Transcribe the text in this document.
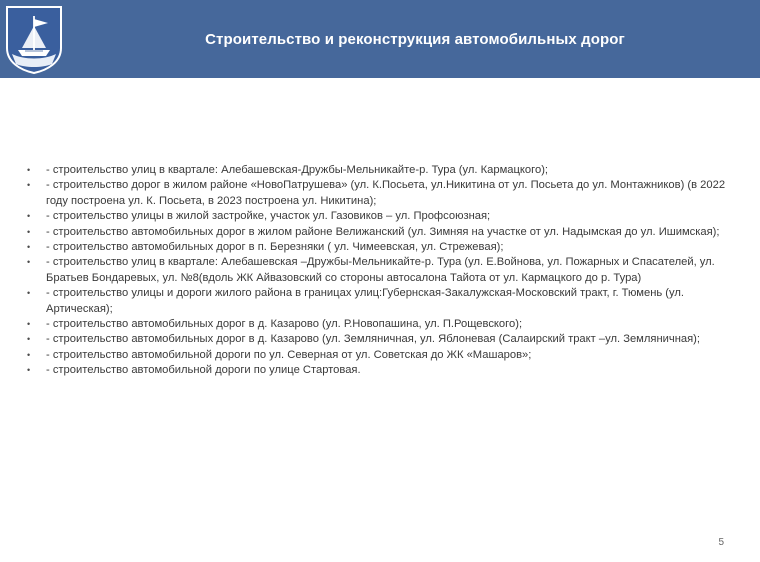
Строительство и реконструкция автомобильных дорог
• - строительство улиц в квартале: Алебашевская-Дружбы-Мельникайте-р. Тура (ул. Кармацкого);
• - строительство дорог в жилом районе «НовоПатрушева» (ул. К.Посьета, ул.Никитина от ул. Посьета до ул. Монтажников) (в 2022 году построена ул. К. Посьета, в 2023 построена ул. Никитина);
• - строительство улицы в жилой застройке, участок ул. Газовиков – ул. Профсоюзная;
• - строительство автомобильных дорог в жилом районе Велижанский (ул. Зимняя на участке от ул. Надымская до ул. Ишимская);
• - строительство автомобильных дорог в п. Березняки ( ул. Чимеевская, ул. Стрежевая);
• - строительство улиц в квартале: Алебашевская –Дружбы-Мельникайте-р. Тура (ул. Е.Войнова, ул. Пожарных и Спасателей, ул. Братьев Бондаревых, ул. №8(вдоль ЖК Айвазовский со стороны автосалона Тайота от ул. Кармацкого до р. Тура)
• - строительство улицы и дороги жилого района в границах улиц:Губернская-Закалужская-Московский тракт, г. Тюмень (ул. Артическая);
• - строительство автомобильных дорог в д. Казарово (ул. Р.Новопашина, ул. П.Рощевского);
• - строительство автомобильных дорог в д. Казарово (ул. Земляничная, ул. Яблоневая (Салаирский тракт –ул. Земляничная);
• - строительство автомобильной дороги по ул. Северная от ул. Советская до ЖК «Машаров»;
• - строительство автомобильной дороги по улице Стартовая.
5
